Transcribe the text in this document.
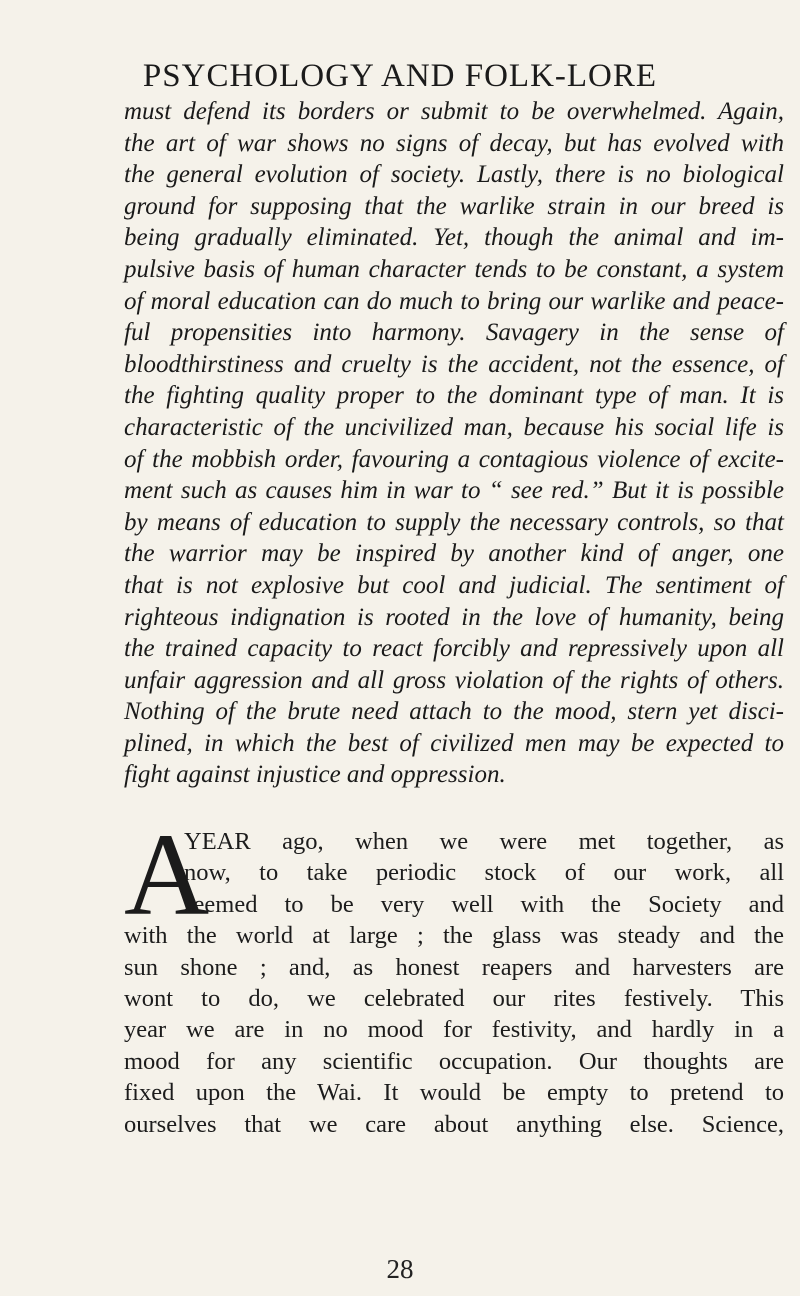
PSYCHOLOGY AND FOLK-LORE
must defend its borders or submit to be overwhelmed. Again,
the art of war shows no signs of decay, but has evolved with
the general evolution of society. Lastly, there is no biological
ground for supposing that the warlike strain in our breed is
being gradually eliminated. Yet, though the animal and im-
pulsive basis of human character tends to be constant, a system
of moral education can do much to bring our warlike and peace-
ful propensities into harmony. Savagery in the sense of
bloodthirstiness and cruelty is the accident, not the essence, of
the fighting quality proper to the dominant type of man. It is
characteristic of the uncivilized man, because his social life is
of the mobbish order, favouring a contagious violence of excite-
ment such as causes him in war to “ see red.” But it is possible
by means of education to supply the necessary controls, so that
the warrior may be inspired by another kind of anger, one
that is not explosive but cool and judicial. The sentiment of
righteous indignation is rooted in the love of humanity, being
the trained capacity to react forcibly and repressively upon all
unfair aggression and all gross violation of the rights of others.
Nothing of the brute need attach to the mood, stern yet disci-
plined, in which the best of civilized men may be expected to
fight against injustice and oppression.
A
YEAR ago, when we were met together, as
now, to take periodic stock of our work, all
seemed to be very well with the Society and
with the world at large ; the glass was steady and the
sun shone ; and, as honest reapers and harvesters are
wont to do, we celebrated our rites festively. This
year we are in no mood for festivity, and hardly in a
mood for any scientific occupation. Our thoughts are
fixed upon the Wai. It would be empty to pretend to
ourselves that we care about anything else. Science,
28
